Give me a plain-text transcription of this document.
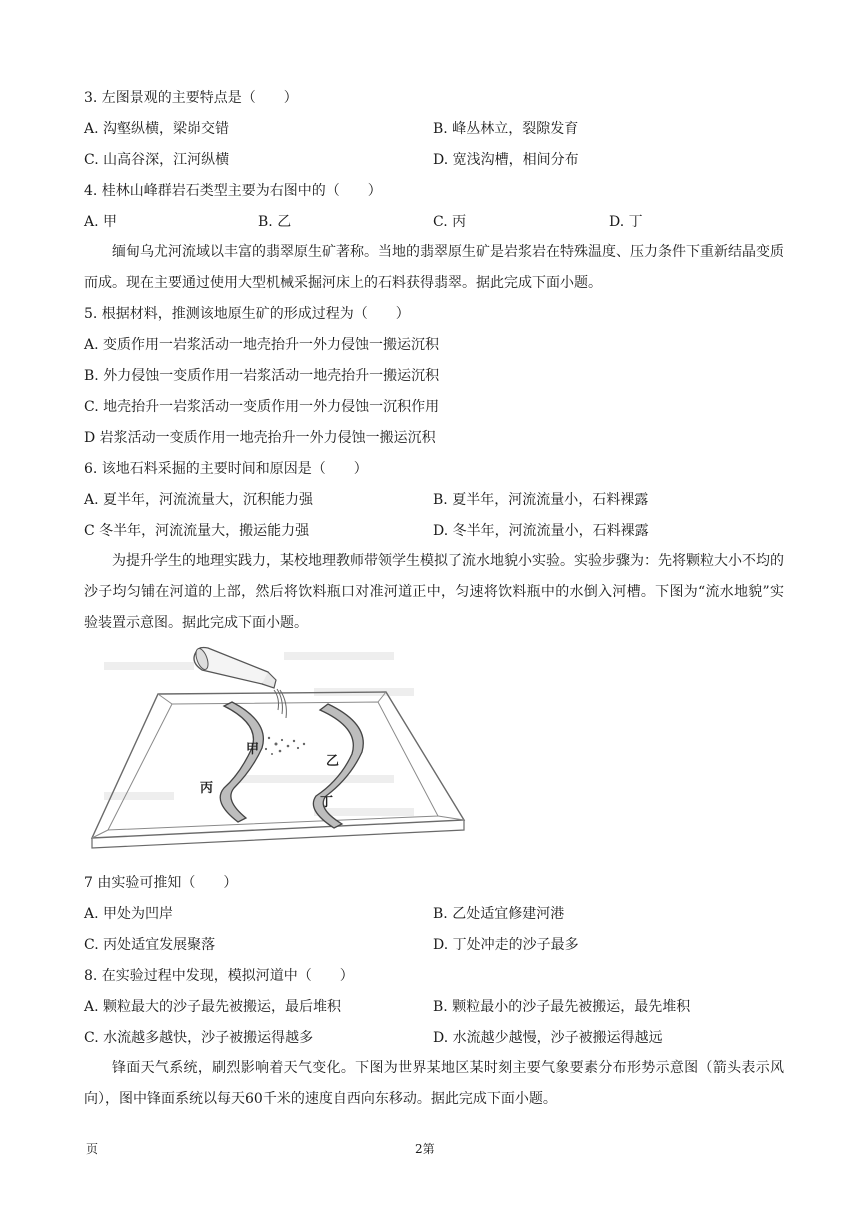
3. 左图景观的主要特点是（　　）
A. 沟壑纵横，梁峁交错	B. 峰丛林立，裂隙发育
C. 山高谷深，江河纵横	D. 宽浅沟槽，相间分布
4. 桂林山峰群岩石类型主要为右图中的（　　）
A. 甲	B. 乙	C. 丙	D. 丁
缅甸乌尤河流域以丰富的翡翠原生矿著称。当地的翡翠原生矿是岩浆岩在特殊温度、压力条件下重新结晶变质而成。现在主要通过使用大型机械采掘河床上的石料获得翡翠。据此完成下面小题。
5. 根据材料，推测该地原生矿的形成过程为（　　）
A. 变质作用一岩浆活动一地壳抬升一外力侵蚀一搬运沉积
B. 外力侵蚀一变质作用一岩浆活动一地壳抬升一搬运沉积
C. 地壳抬升一岩浆活动一变质作用一外力侵蚀一沉积作用
D 岩浆活动一变质作用一地壳抬升一外力侵蚀一搬运沉积
6. 该地石料采掘的主要时间和原因是（　　）
A. 夏半年，河流流量大，沉积能力强	B. 夏半年，河流流量小，石料裸露
C 冬半年，河流流量大，搬运能力强	D. 冬半年，河流流量小，石料裸露
为提升学生的地理实践力，某校地理教师带领学生模拟了流水地貌小实验。实验步骤为：先将颗粒大小不均的沙子均匀铺在河道的上部，然后将饮料瓶口对准河道正中，匀速将饮料瓶中的水倒入河槽。下图为“流水地貌”实验装置示意图。据此完成下面小题。
甲
乙
丙
丁
7 由实验可推知（　　）
A. 甲处为凹岸	B. 乙处适宜修建河港
C. 丙处适宜发展聚落	D. 丁处冲走的沙子最多
8. 在实验过程中发现，模拟河道中（　　）
A. 颗粒最大的沙子最先被搬运，最后堆积	B. 颗粒最小的沙子最先被搬运，最先堆积
C. 水流越多越快，沙子被搬运得越多	D. 水流越少越慢，沙子被搬运得越远
锋面天气系统，刷烈影响着天气变化。下图为世界某地区某时刻主要气象要素分布形势示意图（箭头表示风向），图中锋面系统以每天60千米的速度自西向东移动。据此完成下面小题。
页	2第
